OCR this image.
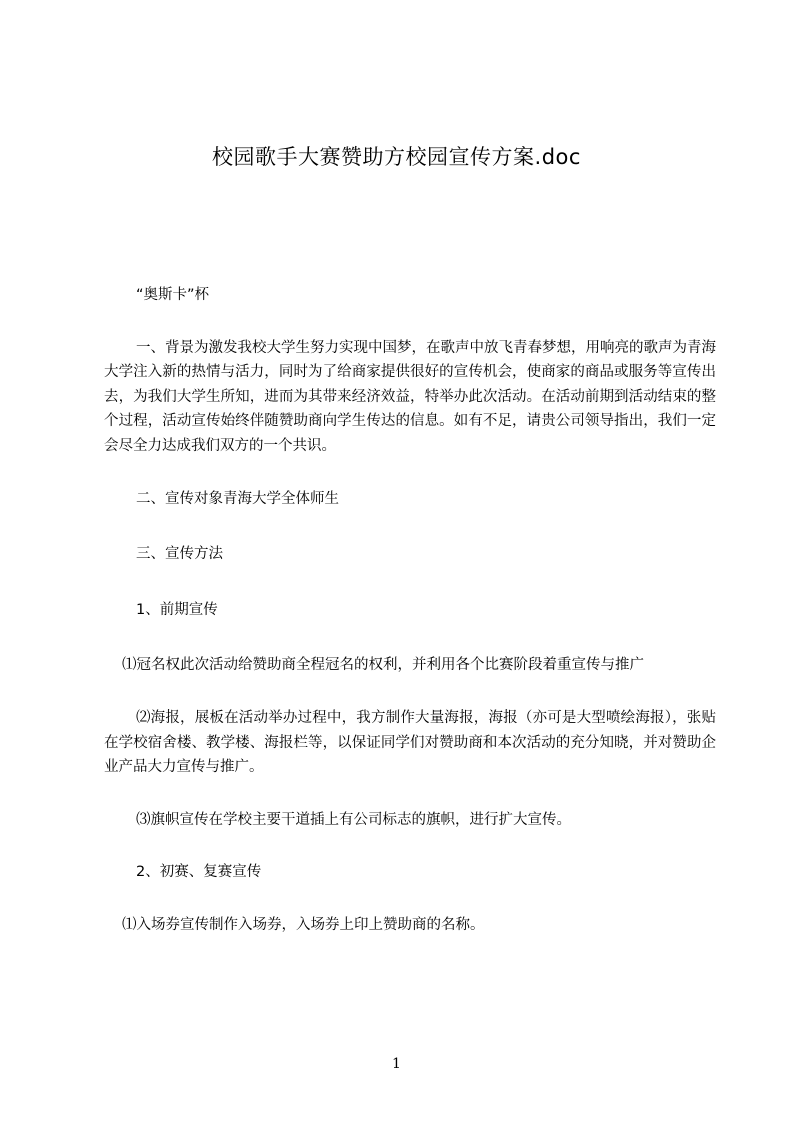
校园歌手大赛赞助方校园宣传方案.doc

“奥斯卡”杯

一、背景为激发我校大学生努力实现中国梦，在歌声中放飞青春梦想，用响亮的歌声为青海大学注入新的热情与活力，同时为了给商家提供很好的宣传机会，使商家的商品或服务等宣传出去，为我们大学生所知，进而为其带来经济效益，特举办此次活动。在活动前期到活动结束的整个过程，活动宣传始终伴随赞助商向学生传达的信息。如有不足，请贵公司领导指出，我们一定会尽全力达成我们双方的一个共识。

二、宣传对象青海大学全体师生

三、宣传方法

1、前期宣传

⑴冠名权此次活动给赞助商全程冠名的权利，并利用各个比赛阶段着重宣传与推广

⑵海报，展板在活动举办过程中，我方制作大量海报，海报（亦可是大型喷绘海报），张贴在学校宿舍楼、教学楼、海报栏等，以保证同学们对赞助商和本次活动的充分知晓，并对赞助企业产品大力宣传与推广。

⑶旗帜宣传在学校主要干道插上有公司标志的旗帜，进行扩大宣传。

2、初赛、复赛宣传

⑴入场券宣传制作入场券，入场券上印上赞助商的名称。

1
